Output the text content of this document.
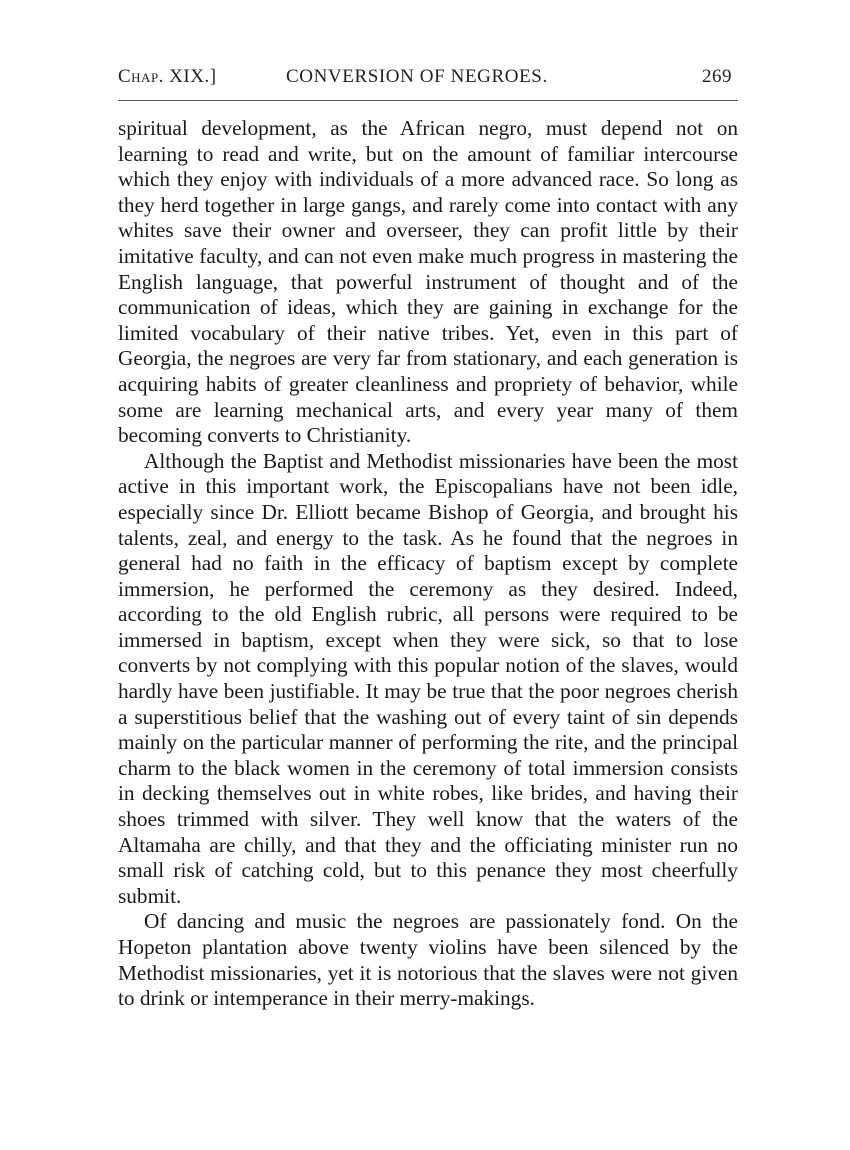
Chap. XIX.]	CONVERSION OF NEGROES.	269

spiritual development, as the African negro, must depend not on learning to read and write, but on the amount of familiar intercourse which they enjoy with individuals of a more advanced race. So long as they herd together in large gangs, and rarely come into contact with any whites save their owner and overseer, they can profit little by their imitative faculty, and can not even make much progress in mastering the English language, that powerful instrument of thought and of the communication of ideas, which they are gaining in exchange for the limited vocabulary of their native tribes. Yet, even in this part of Georgia, the negroes are very far from stationary, and each generation is acquiring habits of greater cleanliness and propriety of behavior, while some are learning mechanical arts, and every year many of them becoming converts to Christianity.

Although the Baptist and Methodist missionaries have been the most active in this important work, the Episcopalians have not been idle, especially since Dr. Elliott became Bishop of Georgia, and brought his talents, zeal, and energy to the task. As he found that the negroes in general had no faith in the efficacy of baptism except by complete immersion, he performed the ceremony as they desired. Indeed, according to the old English rubric, all persons were required to be immersed in baptism, except when they were sick, so that to lose converts by not complying with this popular notion of the slaves, would hardly have been justifiable. It may be true that the poor negroes cherish a superstitious belief that the washing out of every taint of sin depends mainly on the particular manner of performing the rite, and the principal charm to the black women in the ceremony of total immersion consists in decking themselves out in white robes, like brides, and having their shoes trimmed with silver. They well know that the waters of the Altamaha are chilly, and that they and the officiating minister run no small risk of catching cold, but to this penance they most cheerfully submit.

Of dancing and music the negroes are passionately fond. On the Hopeton plantation above twenty violins have been silenced by the Methodist missionaries, yet it is notorious that the slaves were not given to drink or intemperance in their merry-makings.
